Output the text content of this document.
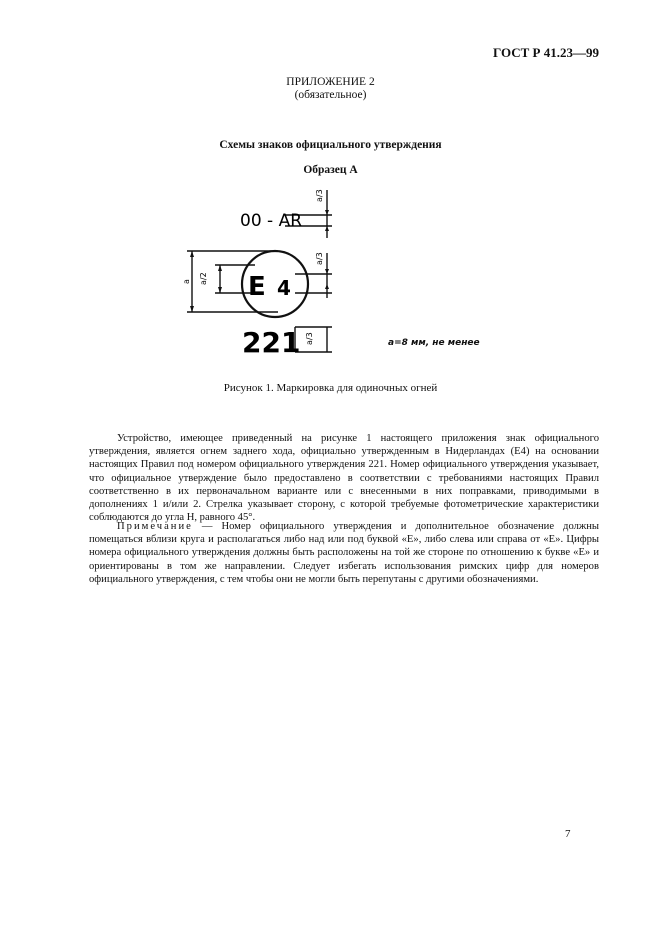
ГОСТ Р 41.23—99
ПРИЛОЖЕНИЕ 2
(обязательное)
Схемы знаков официального утверждения
Образец А
00 - AR
E 4
221
a a/2
a/3
a/3
a/3	a=8 мм, не менее
Рисунок 1. Маркировка для одиночных огней
Устройство, имеющее приведенный на рисунке 1 настоящего приложения знак официального утверждения, является огнем заднего хода, официально утвержденным в Нидерландах (E4) на основании настоящих Правил под номером официального утверждения 221. Номер официального утверждения указывает, что официальное утверждение было предоставлено в соответствии с требованиями настоящих Правил соответственно в их первоначальном варианте или с внесенными в них поправками, приводимыми в дополнениях 1 и/или 2. Стрелка указывает сторону, с которой требуемые фотометрические характеристики соблюдаются до угла H, равного 45°.
Примечание — Номер официального утверждения и дополнительное обозначение должны помещаться вблизи круга и располагаться либо над или под буквой «E», либо слева или справа от «E». Цифры номера официального утверждения должны быть расположены на той же стороне по отношению к букве «E» и ориентированы в том же направлении. Следует избегать использования римских цифр для номеров официального утверждения, с тем чтобы они не могли быть перепутаны с другими обозначениями.
7
